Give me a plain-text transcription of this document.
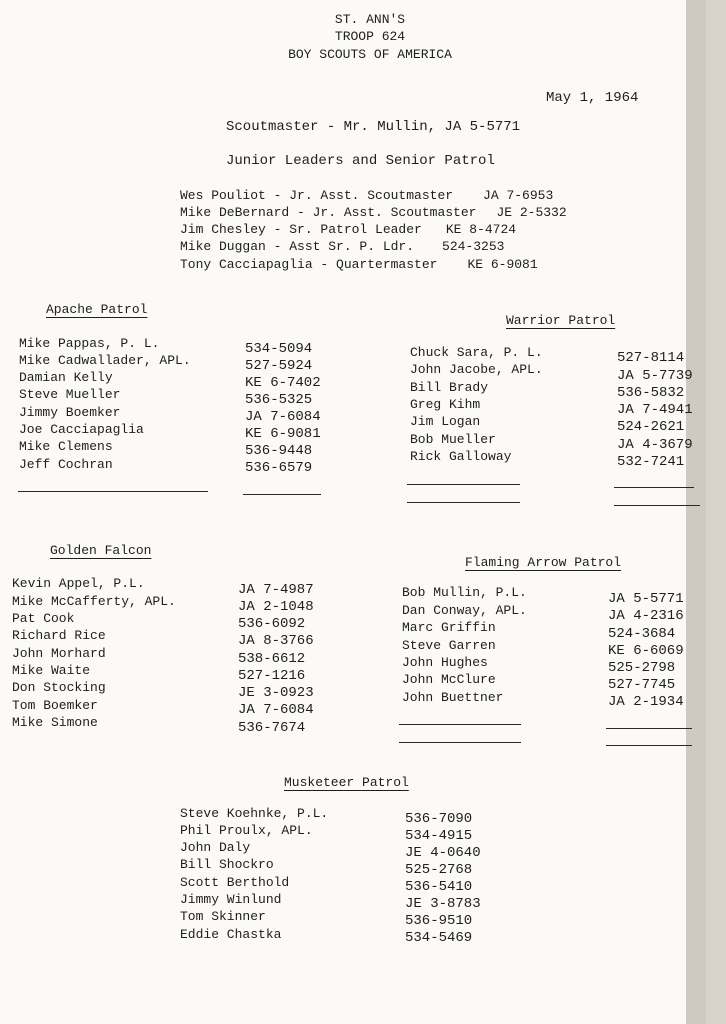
ST. ANN'S
TROOP 624
BOY SCOUTS OF AMERICA
May 1, 1964
Scoutmaster - Mr. Mullin, JA 5-5771
Junior Leaders and Senior Patrol
Wes Pouliot - Jr. Asst. Scoutmaster JA 7-6953
Mike DeBernard - Jr. Asst. Scoutmaster JE 2-5332
Jim Chesley - Sr. Patrol Leader KE 8-4724
Mike Duggan - Asst Sr. P. Ldr. 524-3253
Tony Cacciapaglia - Quartermaster KE 6-9081
Apache Patrol
Mike Pappas, P. L.
Mike Cadwallader, APL.
Damian Kelly
Steve Mueller
Jimmy Boemker
Joe Cacciapaglia
Mike Clemens
Jeff Cochran
534-5094
527-5924
KE 6-7402
536-5325
JA 7-6084
KE 6-9081
536-9448
536-6579
Warrior Patrol
Chuck Sara, P. L.
John Jacobe, APL.
Bill Brady
Greg Kihm
Jim Logan
Bob Mueller
Rick Galloway
527-8114
JA 5-7739
536-5832
JA 7-4941
524-2621
JA 4-3679
532-7241
Golden Falcon
Kevin Appel, P.L.
Mike McCafferty, APL.
Pat Cook
Richard Rice
John Morhard
Mike Waite
Don Stocking
Tom Boemker
Mike Simone
JA 7-4987
JA 2-1048
536-6092
JA 8-3766
538-6612
527-1216
JE 3-0923
JA 7-6084
536-7674
Flaming Arrow Patrol
Bob Mullin, P.L.
Dan Conway, APL.
Marc Griffin
Steve Garren
John Hughes
John McClure
John Buettner
JA 5-5771
JA 4-2316
524-3684
KE 6-6069
525-2798
527-7745
JA 2-1934
Musketeer Patrol
Steve Koehnke, P.L.
Phil Proulx, APL.
John Daly
Bill Shockro
Scott Berthold
Jimmy Winlund
Tom Skinner
Eddie Chastka
536-7090
534-4915
JE 4-0640
525-2768
536-5410
JE 3-8783
536-9510
534-5469
